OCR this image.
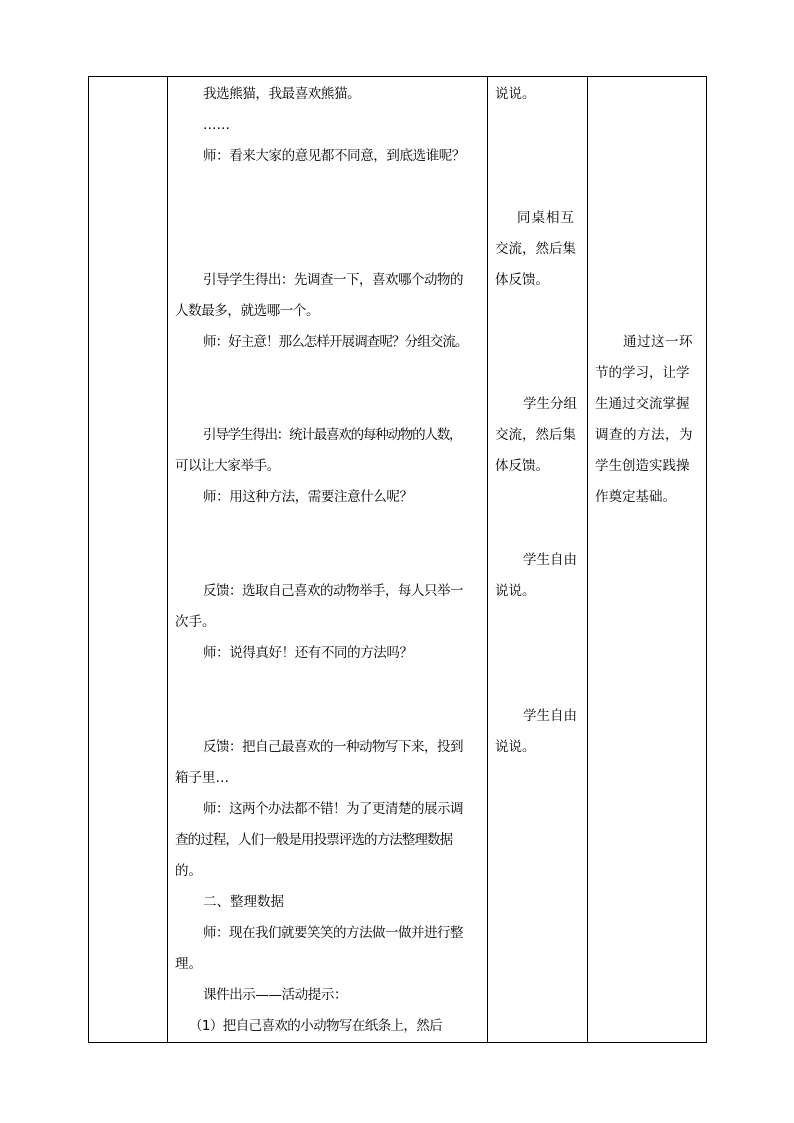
我选熊猫，我最喜欢熊猫。
……
师：看来大家的意见都不同意，到底选谁呢？
引导学生得出：先调查一下，喜欢哪个动物的
人数最多，就选哪一个。
师：好主意！那么怎样开展调查呢？分组交流。
引导学生得出：统计最喜欢的每种动物的人数，
可以让大家举手。
师：用这种方法，需要注意什么呢？
反馈：选取自己喜欢的动物举手，每人只举一
次手。
师：说得真好！还有不同的方法吗？
反馈：把自己最喜欢的一种动物写下来，投到
箱子里…
师：这两个办法都不错！为了更清楚的展示调
查的过程，人们一般是用投票评选的方法整理数据
的。
二、整理数据
师：现在我们就要笑笑的方法做一做并进行整
理。
课件出示——活动提示：
（1）把自己喜欢的小动物写在纸条上，然后
说说。
同桌相互
交流，然后集
体反馈。
学生分组
交流，然后集
体反馈。
学生自由
说说。
学生自由
说说。
通过这一环
节的学习，让学
生通过交流掌握
调查的方法，为
学生创造实践操
作奠定基础。
